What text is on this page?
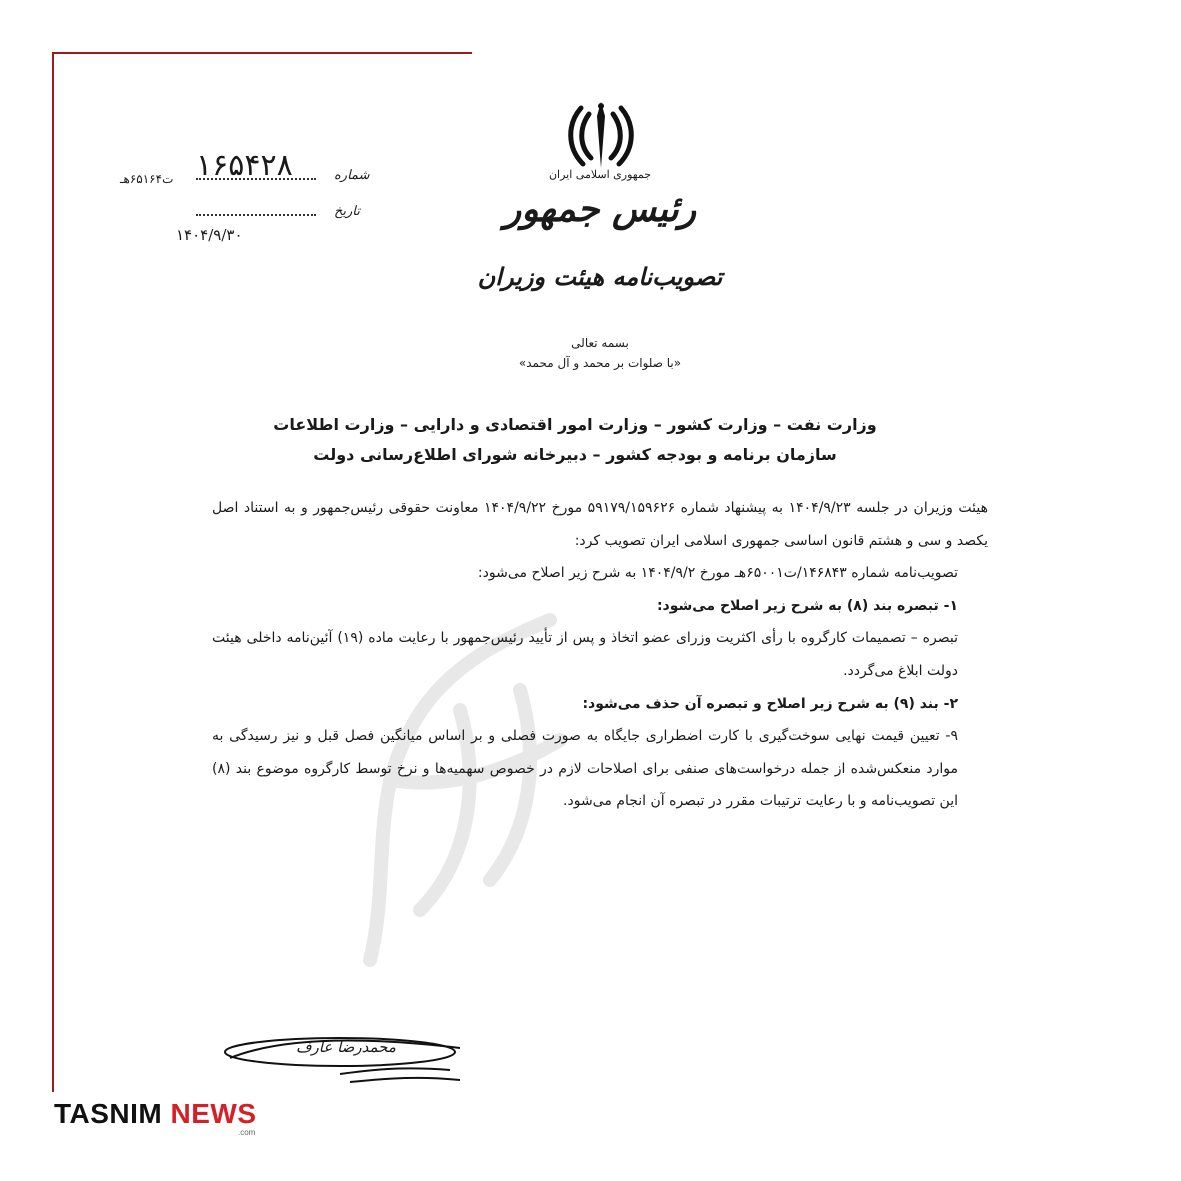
جمهوری اسلامی ایران
رئیس جمهور
تصویب‌نامه هیئت وزیران
شماره
تاریخ
۱۶۵۴۲۸
ت۶۵۱۶۴هـ
۱۴۰۴/۹/۳۰
بسمه تعالی
«با صلوات بر محمد و آل محمد»
وزارت نفت – وزارت کشور – وزارت امور اقتصادی و دارایی – وزارت اطلاعات
سازمان برنامه و بودجه کشور – دبیرخانه شورای اطلاع‌رسانی دولت

هیئت وزیران در جلسه ۱۴۰۴/۹/۲۳ به پیشنهاد شماره ۵۹۱۷۹/۱۵۹۶۲۶ مورخ ۱۴۰۴/۹/۲۲ معاونت حقوقی رئیس‌جمهور و به استناد اصل یکصد و سی و هشتم قانون اساسی جمهوری اسلامی ایران تصویب کرد:

تصویب‌نامه شماره ۱۴۶۸۴۳/ت۶۵۰۰۱هـ مورخ ۱۴۰۴/۹/۲ به شرح زیر اصلاح می‌شود:

۱- تبصره بند (۸) به شرح زیر اصلاح می‌شود:

تبصره – تصمیمات کارگروه با رأی اکثریت وزرای عضو اتخاذ و پس از تأیید رئیس‌جمهور با رعایت ماده (۱۹) آئین‌نامه داخلی هیئت دولت ابلاغ می‌گردد.

۲- بند (۹) به شرح زیر اصلاح و تبصره آن حذف می‌شود:

۹- تعیین قیمت نهایی سوخت‌گیری با کارت اضطراری جایگاه به صورت فصلی و بر اساس میانگین فصل قبل و نیز رسیدگی به موارد منعکس‌شده از جمله درخواست‌های صنفی برای اصلاحات لازم در خصوص سهمیه‌ها و نرخ توسط کارگروه موضوع بند (۸) این تصویب‌نامه و با رعایت ترتیبات مقرر در تبصره آن انجام می‌شود.

محمدرضا عارف
TASNIM NEWS
.com
